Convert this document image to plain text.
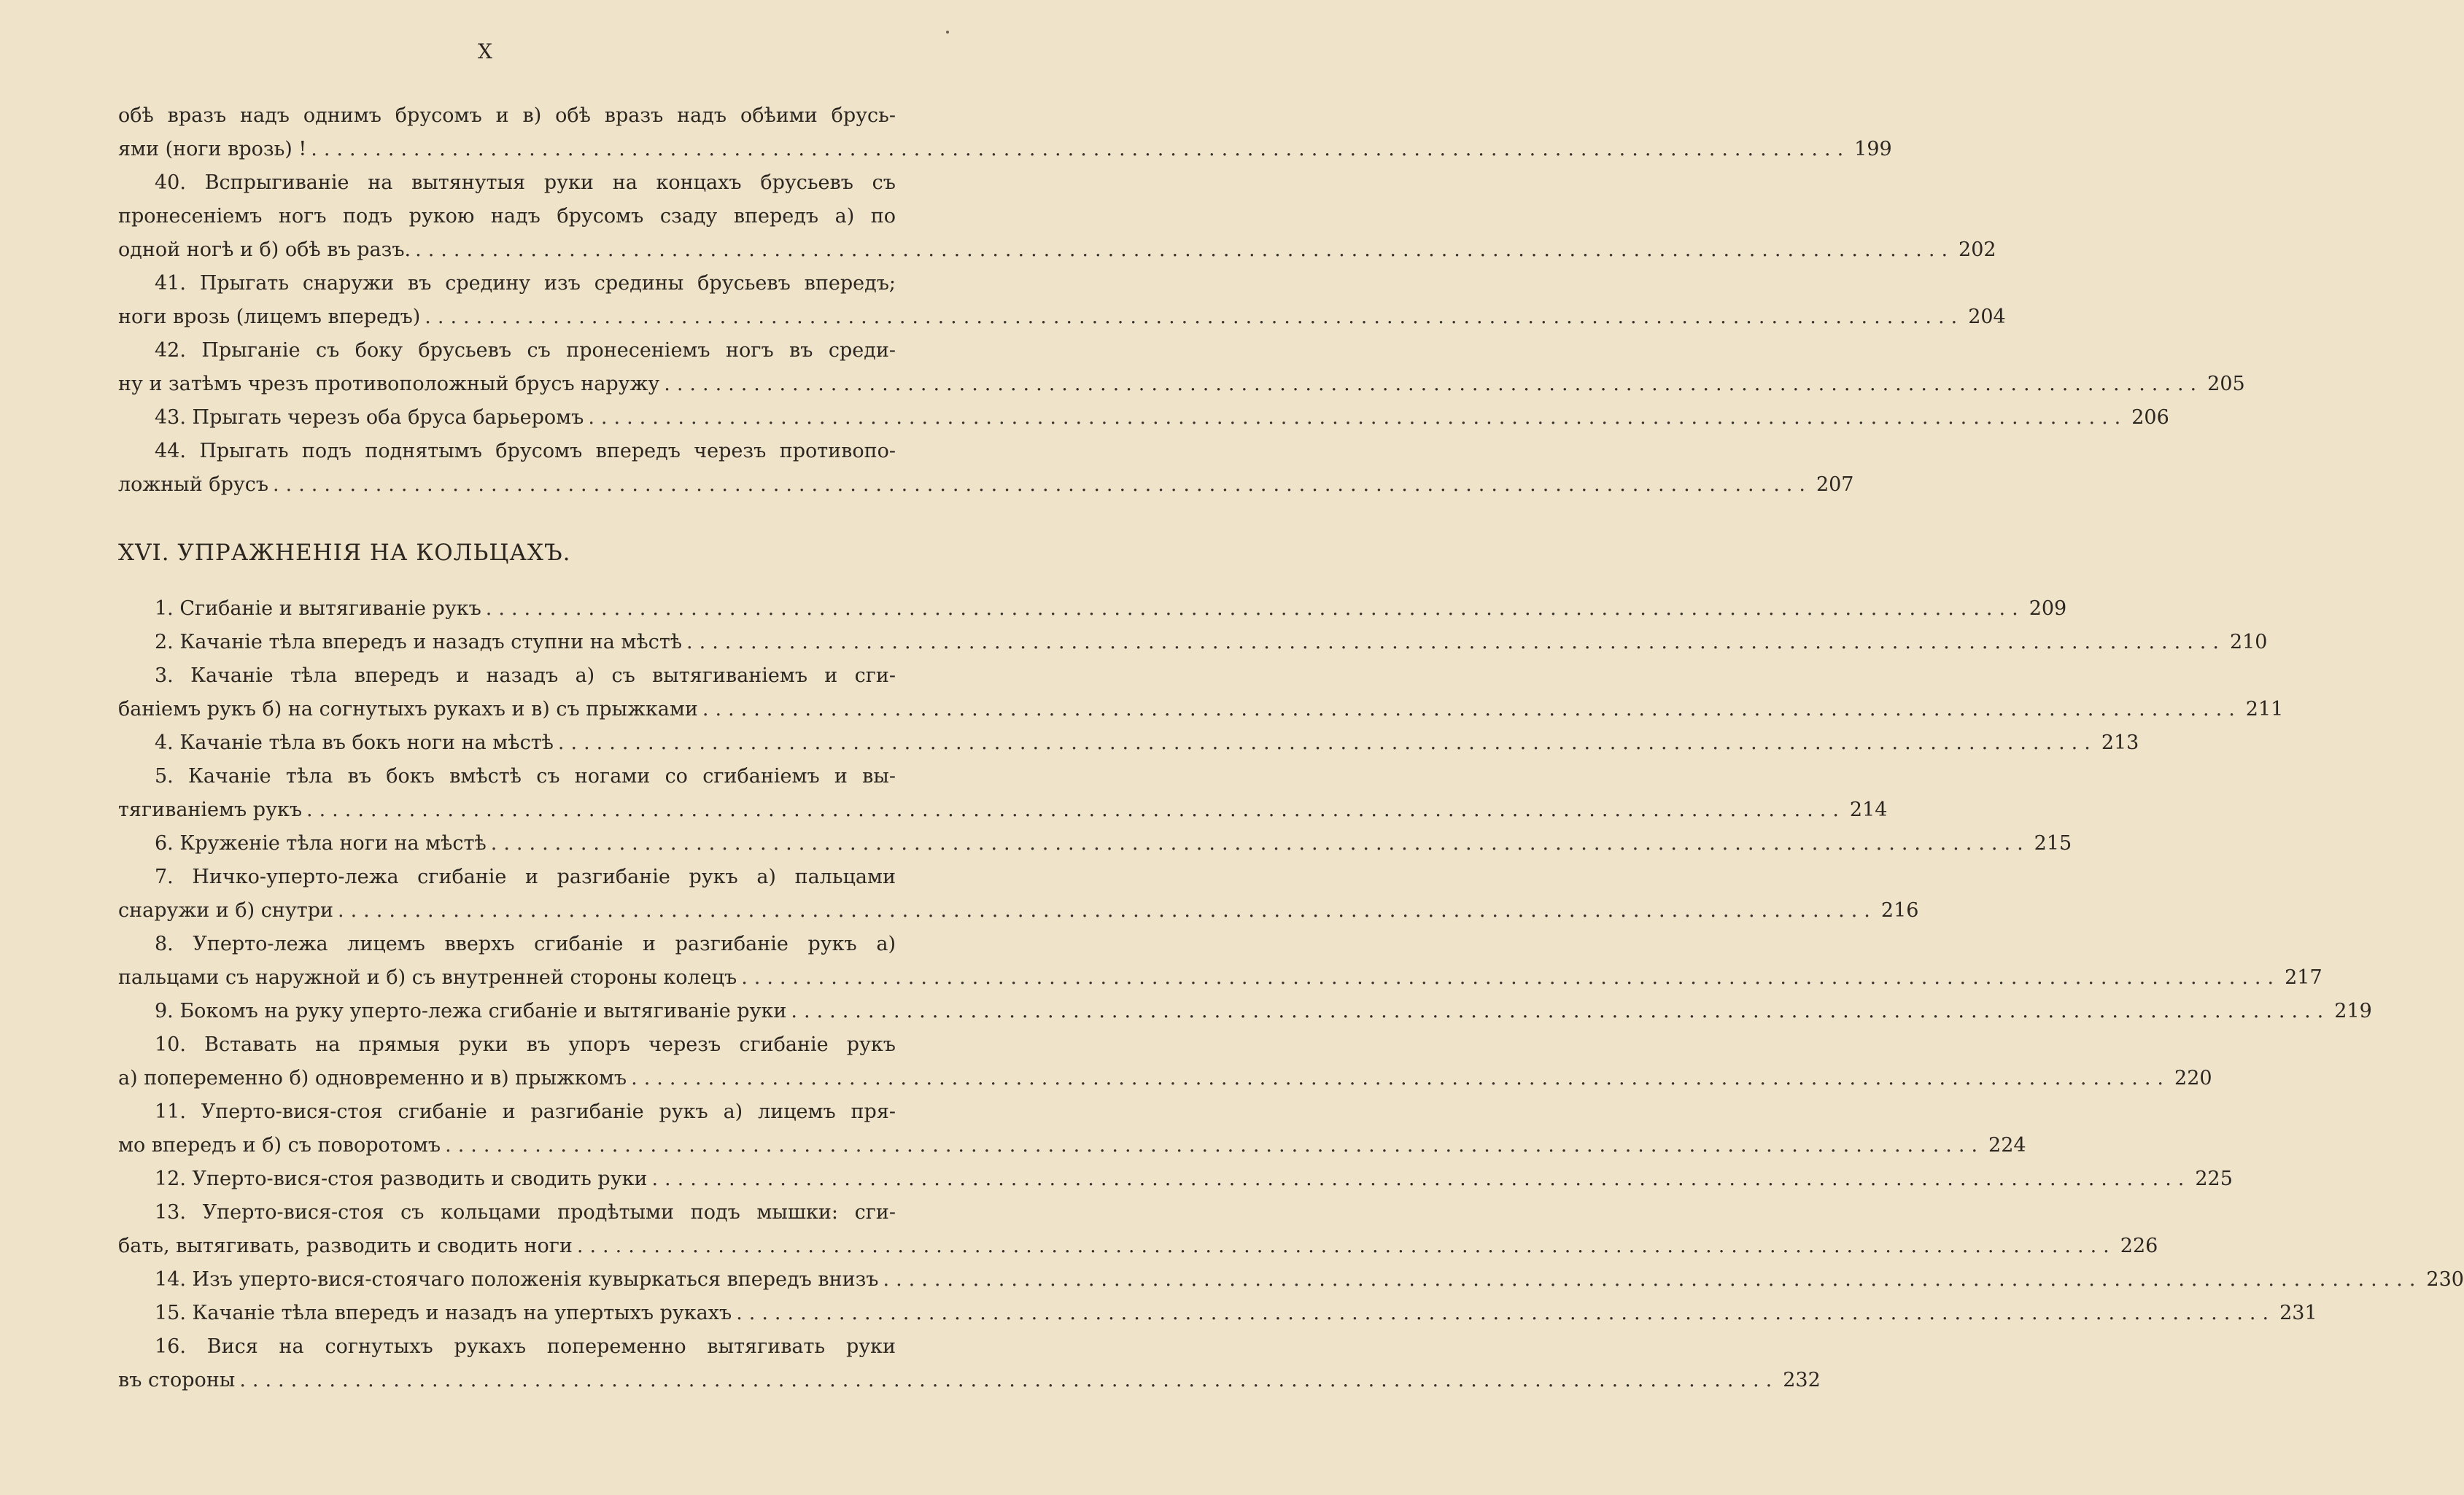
X
обѣ вразъ надъ однимъ брусомъ и в) обѣ вразъ надъ обѣими брусь-
ями (ноги врозь) ! ........................................................................................................................ 199
40. Вспрыгиваніе на вытянутыя руки на концахъ брусьевъ съ
пронесеніемъ ногъ подъ рукою надъ брусомъ сзаду впередъ а) по
одной ногѣ и б) обѣ въ разъ. ........................................................................................................................ 202
41. Прыгать снаружи въ средину изъ средины брусьевъ впередъ;
ноги врозь (лицемъ впередъ) ........................................................................................................................ 204
42. Прыганіе съ боку брусьевъ съ пронесеніемъ ногъ въ среди-
ну и затѣмъ чрезъ противоположный брусъ наружу ........................................................................................................................ 205
43. Прыгать черезъ оба бруса барьеромъ ........................................................................................................................ 206
44. Прыгать подъ поднятымъ брусомъ впередъ черезъ противопо-
ложный брусъ ........................................................................................................................ 207
XVI. УПРАЖНЕНІЯ НА КОЛЬЦАХЪ.
1. Сгибаніе и вытягиваніе рукъ ........................................................................................................................ 209
2. Качаніе тѣла впередъ и назадъ ступни на мѣстѣ ........................................................................................................................ 210
3. Качаніе тѣла впередъ и назадъ а) съ вытягиваніемъ и сги-
баніемъ рукъ б) на согнутыхъ рукахъ и в) съ прыжками ........................................................................................................................ 211
4. Качаніе тѣла въ бокъ ноги на мѣстѣ ........................................................................................................................ 213
5. Качаніе тѣла въ бокъ вмѣстѣ съ ногами со сгибаніемъ и вы-
тягиваніемъ рукъ ........................................................................................................................ 214
6. Круженіе тѣла ноги на мѣстѣ ........................................................................................................................ 215
7. Ничко-уперто-лежа сгибаніе и разгибаніе рукъ а) пальцами
снаружи и б) снутри ........................................................................................................................ 216
8. Уперто-лежа лицемъ вверхъ сгибаніе и разгибаніе рукъ а)
пальцами съ наружной и б) съ внутренней стороны колецъ ........................................................................................................................ 217
9. Бокомъ на руку уперто-лежа сгибаніе и вытягиваніе руки ........................................................................................................................ 219
10. Вставать на прямыя руки въ упоръ черезъ сгибаніе рукъ
а) попеременно б) одновременно и в) прыжкомъ ........................................................................................................................ 220
11. Уперто-вися-стоя сгибаніе и разгибаніе рукъ а) лицемъ пря-
мо впередъ и б) съ поворотомъ ........................................................................................................................ 224
12. Уперто-вися-стоя разводить и сводить руки ........................................................................................................................ 225
13. Уперто-вися-стоя съ кольцами продѣтыми подъ мышки: сги-
бать, вытягивать, разводить и сводить ноги ........................................................................................................................ 226
14. Изъ уперто-вися-стоячаго положенія кувыркаться впередъ внизъ ........................................................................................................................ 230
15. Качаніе тѣла впередъ и назадъ на упертыхъ рукахъ ........................................................................................................................ 231
16. Вися на согнутыхъ рукахъ попеременно вытягивать руки
въ стороны ........................................................................................................................ 232
